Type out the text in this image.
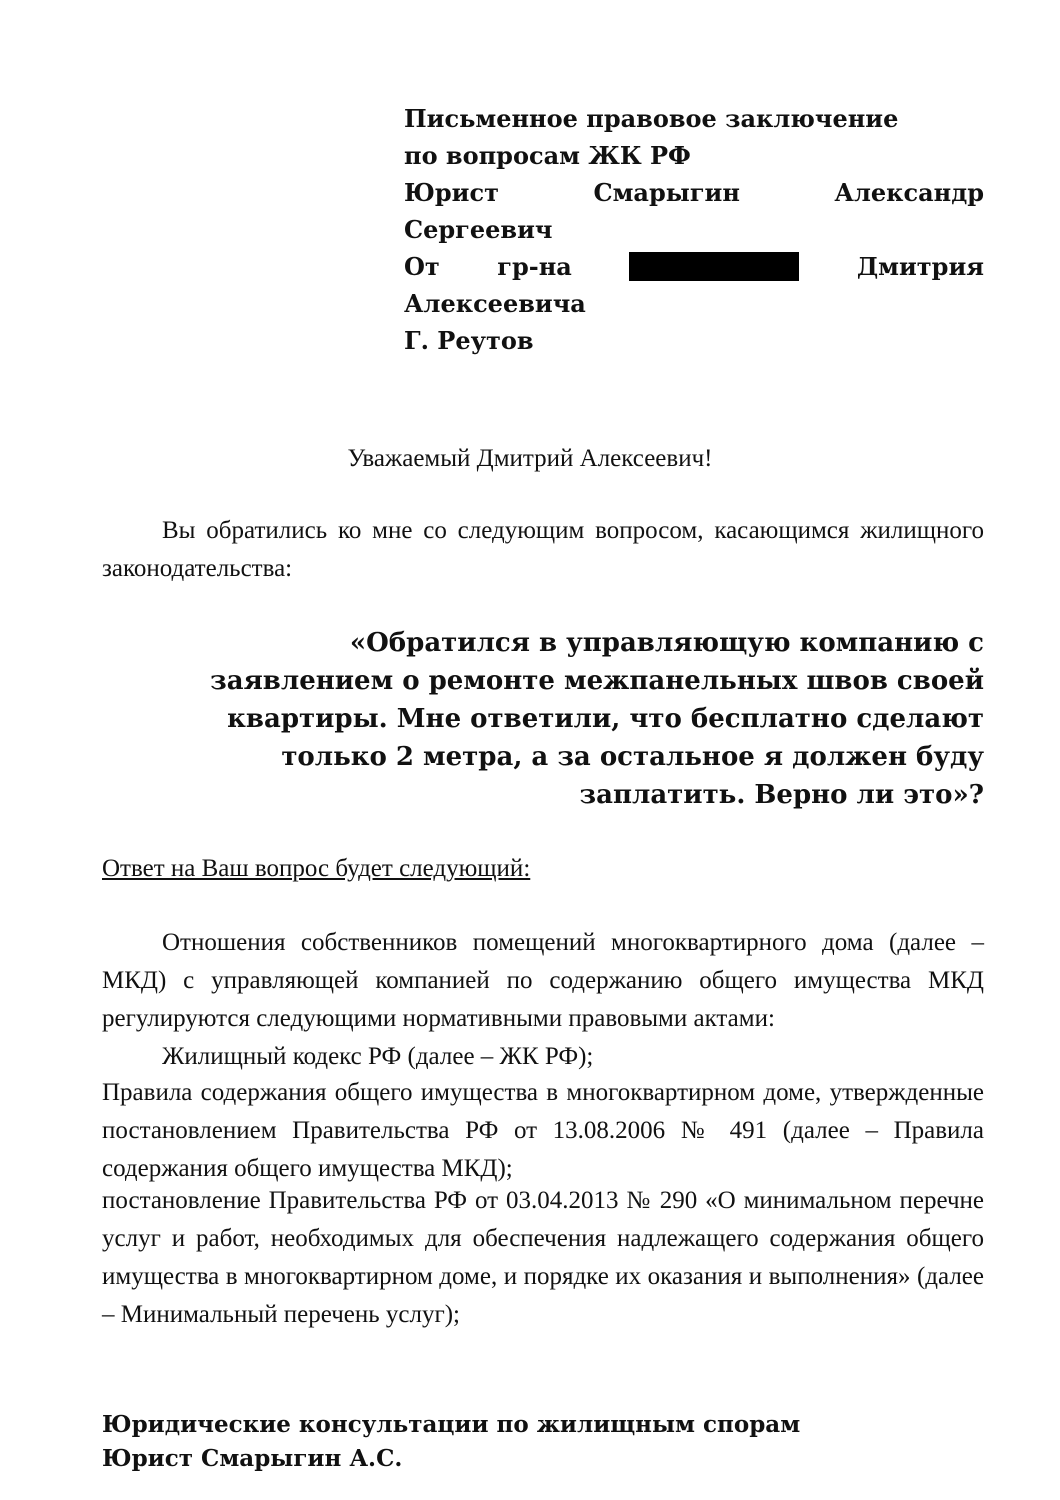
Письменное правовое заключение
по вопросам ЖК РФ
Юрист	Смарыгин	Александр
Сергеевич
От гр-на	Дмитрия
Алексеевича
Г. Реутов
Уважаемый Дмитрий Алексеевич!
Вы обратились ко мне со следующим вопросом, касающимся жилищного законодательства:
«Обратился в управляющую компанию с
заявлением о ремонте межпанельных швов своей
квартиры. Мне ответили, что бесплатно сделают
только 2 метра, а за остальное я должен буду
заплатить. Верно ли это»?
Ответ на Ваш вопрос будет следующий:
Отношения собственников помещений многоквартирного дома (далее – МКД) с управляющей компанией по содержанию общего имущества МКД регулируются следующими нормативными правовыми актами:
Жилищный кодекс РФ (далее – ЖК РФ);
Правила содержания общего имущества в многоквартирном доме, утвержденные постановлением Правительства РФ от 13.08.2006 № 491 (далее – Правила содержания общего имущества МКД);
постановление Правительства РФ от 03.04.2013 № 290 «О минимальном перечне услуг и работ, необходимых для обеспечения надлежащего содержания общего имущества в многоквартирном доме, и порядке их оказания и выполнения» (далее – Минимальный перечень услуг);
Юридические консультации по жилищным спорам
Юрист Смарыгин А.С.
